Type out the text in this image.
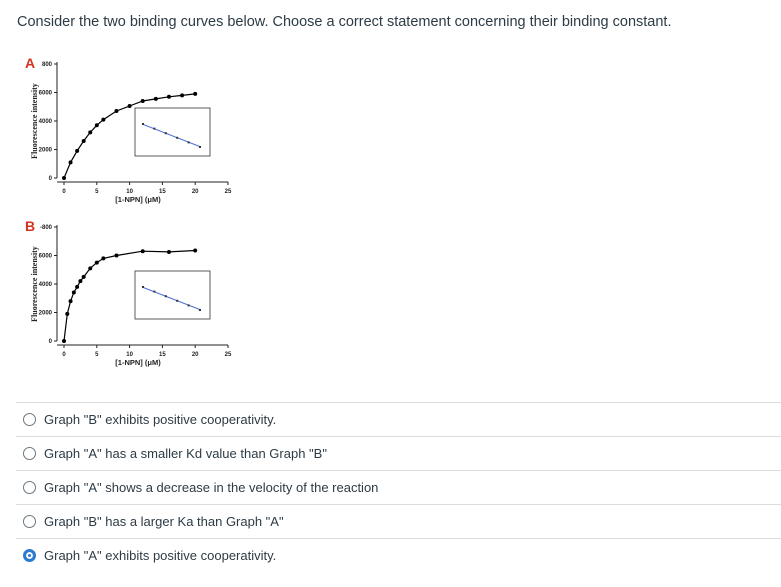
Consider the two binding curves below. Choose a correct statement concerning their binding constant.
A
Fluorescence intensity
0
2000
4000
6000
800
0	5	10	15	20	25
[1-NPN] (μM)
B
Fluorescence intensity
0
2000
4000
6000
-800
0	5	10	15	20	25
[1-NPN] (μM)
Graph "B" exhibits positive cooperativity.
Graph "A" has a smaller Kd value than Graph "B"
Graph "A" shows a decrease in the velocity of the reaction
Graph "B" has a larger Ka than Graph "A"
Graph "A" exhibits positive cooperativity.
